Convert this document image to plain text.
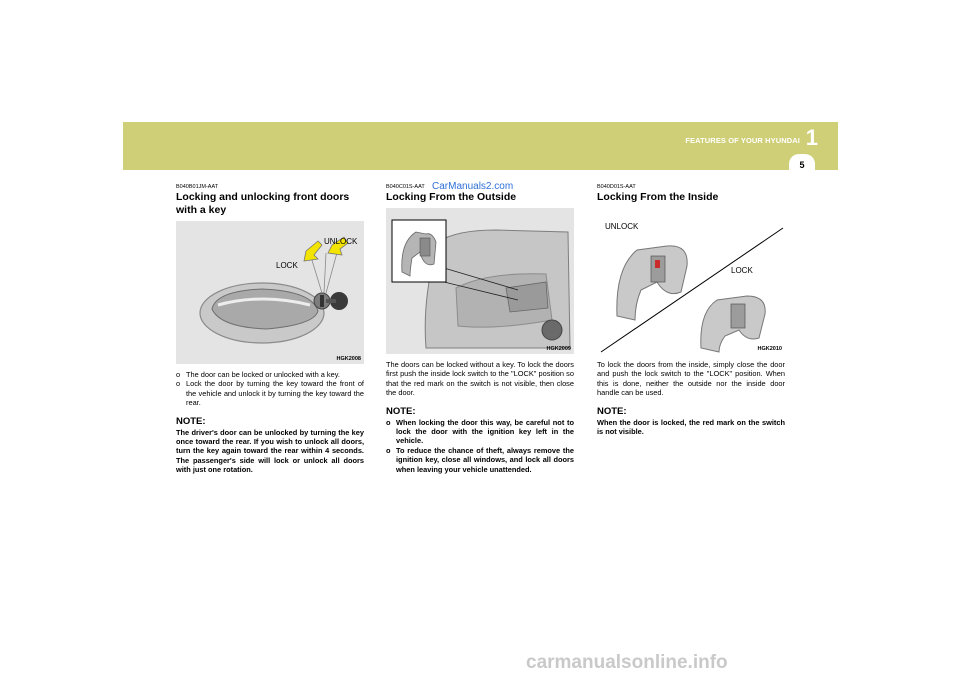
FEATURES OF YOUR HYUNDAI 1
5
CarManuals2.com

B040B01JM-AAT

Locking and unlocking front doors with a key

LOCK
UNLOCK
HGK2008
o The door can be locked or unlocked with a key.
o Lock the door by turning the key toward the front of the vehicle and unlock it by turning the key toward the rear.

NOTE:

The driver's door can be unlocked by turning the key once toward the rear. If you wish to unlock all doors, turn the key again toward the rear within 4 seconds. The passenger's side will lock or unlock all doors with just one rotation.

B040C01S-AAT

Locking From the Outside

HGK2009

The doors can be locked without a key. To lock the doors first push the inside lock switch to the "LOCK" position so that the red mark on the switch is not visible, then close the door.

NOTE:

o When locking the door this way, be careful not to lock the door with the ignition key left in the vehicle.
o To reduce the chance of theft, always remove the ignition key, close all windows, and lock all doors when leaving your vehicle unattended.

B040D01S-AAT

Locking From the Inside

UNLOCK
LOCK
HGK2010

To lock the doors from the inside, simply close the door and push the lock switch to the "LOCK" position. When this is done, neither the outside nor the inside door handle can be used.

NOTE:

When the door is locked, the red mark on the switch is not visible.

carmanualsonline.info
